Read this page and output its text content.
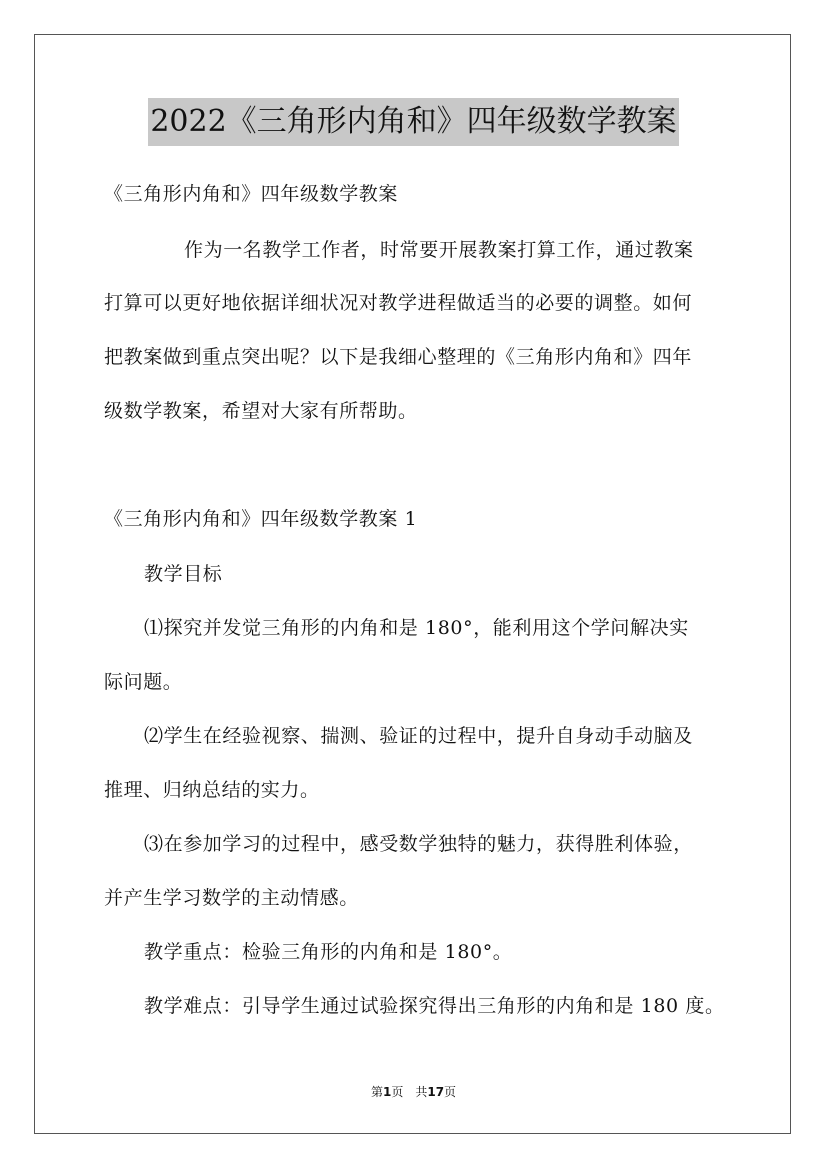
2022《三角形内角和》四年级数学教案
《三角形内角和》四年级数学教案
作为一名教学工作者，时常要开展教案打算工作，通过教案
打算可以更好地依据详细状况对教学进程做适当的必要的调整。如何
把教案做到重点突出呢？以下是我细心整理的《三角形内角和》四年
级数学教案，希望对大家有所帮助。
《三角形内角和》四年级数学教案 1
教学目标
⑴探究并发觉三角形的内角和是 180°，能利用这个学问解决实
际问题。
⑵学生在经验视察、揣测、验证的过程中，提升自身动手动脑及
推理、归纳总结的实力。
⑶在参加学习的过程中，感受数学独特的魅力，获得胜利体验，
并产生学习数学的主动情感。
教学重点：检验三角形的内角和是 180°。
教学难点：引导学生通过试验探究得出三角形的内角和是 180 度。
第1页 共17页
